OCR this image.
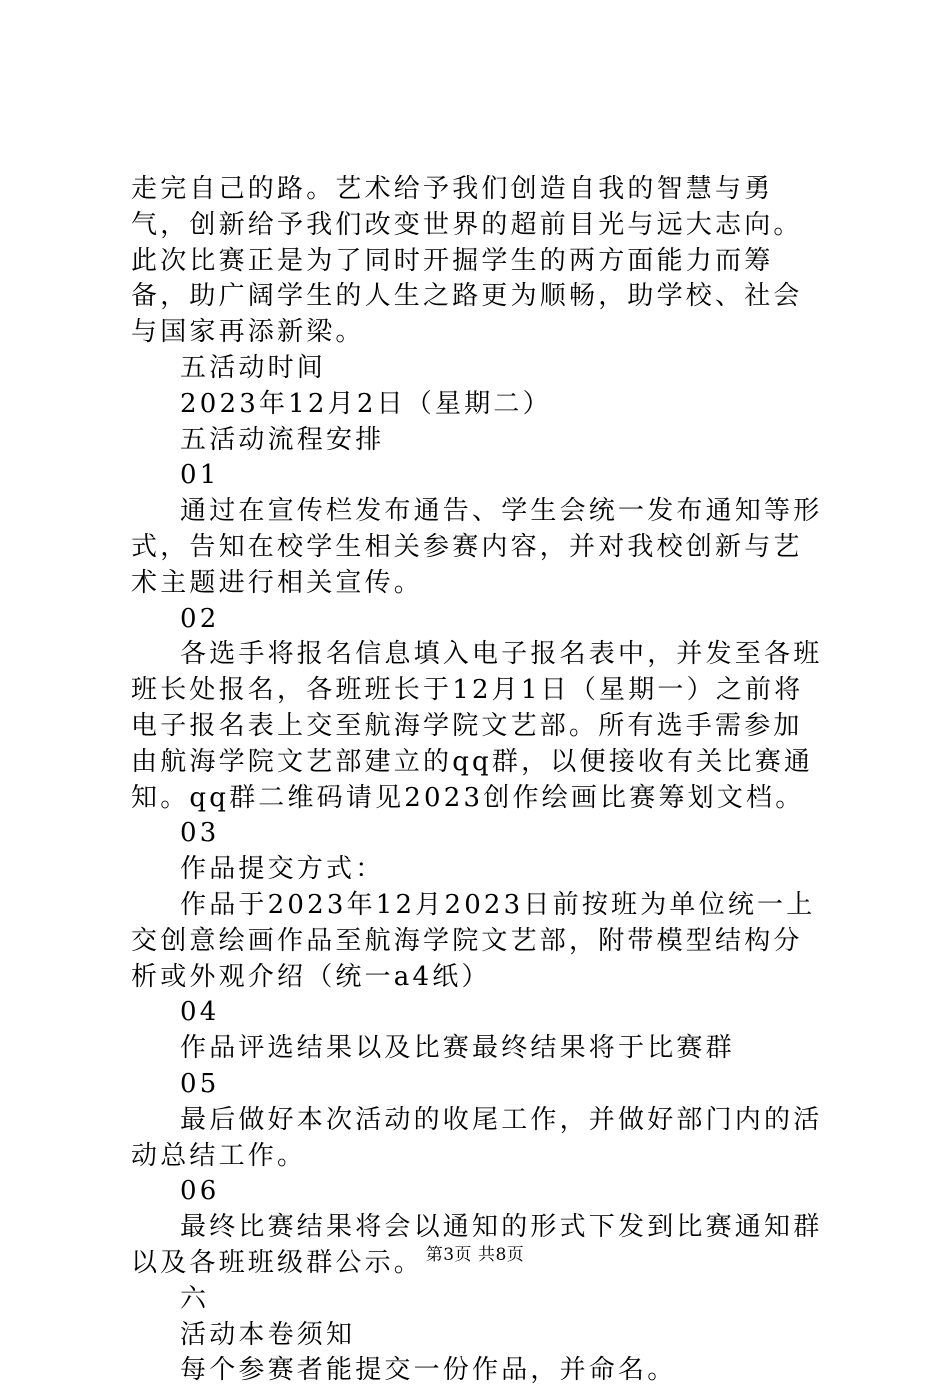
走完自己的路。艺术给予我们创造自我的智慧与勇气，创新给予我们改变世界的超前目光与远大志向。此次比赛正是为了同时开掘学生的两方面能力而筹备，助广阔学生的人生之路更为顺畅，助学校、社会与国家再添新梁。

五活动时间

2023年12月2日（星期二）

五活动流程安排

01

通过在宣传栏发布通告、学生会统一发布通知等形式，告知在校学生相关参赛内容，并对我校创新与艺术主题进行相关宣传。

02

各选手将报名信息填入电子报名表中，并发至各班班长处报名，各班班长于12月1日（星期一）之前将电子报名表上交至航海学院文艺部。所有选手需参加由航海学院文艺部建立的qq群，以便接收有关比赛通知。qq群二维码请见2023创作绘画比赛筹划文档。

03

作品提交方式：

作品于2023年12月2023日前按班为单位统一上交创意绘画作品至航海学院文艺部，附带模型结构分析或外观介绍（统一a4纸）

04

作品评选结果以及比赛最终结果将于比赛群

05

最后做好本次活动的收尾工作，并做好部门内的活动总结工作。

06

最终比赛结果将会以通知的形式下发到比赛通知群以及各班班级群公示。

六

活动本卷须知

每个参赛者能提交一份作品，并命名。

第3页 共8页
